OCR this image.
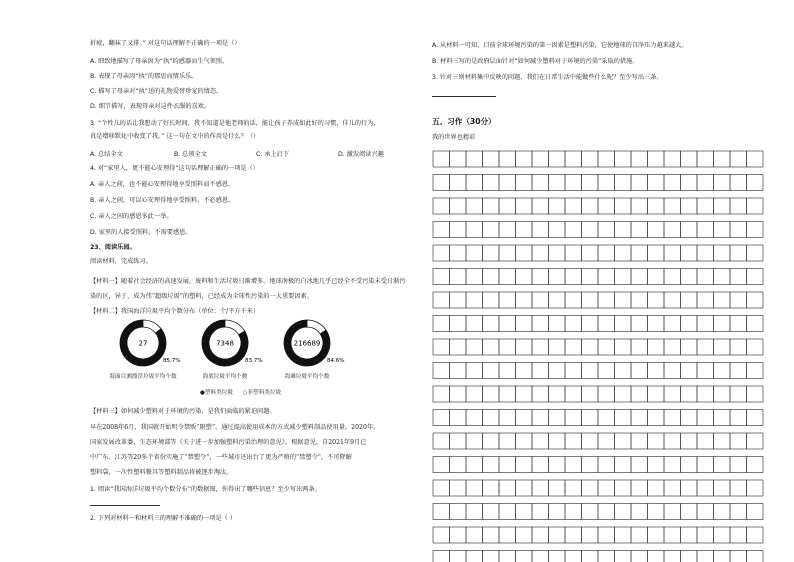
折疲，翻袜了又排。” 对这句话理解不正确的一项是（）
A. 细致地描写了母亲因为“执”的感器而生气领照。
B. 表现了母亲因“执”的那思而情乐乐。
C. 描写了母亲对“执”送的礼物爱替珍宠的情态。
D. 细节描写，表现母亲对这件衣服的喜欢。
3. “个性儿的话让我想动了好长时间，我不知道是他老师的话，能让孩子养成如此好的习惯，佳儿的行为，
真是增移默化中收变了我。” 这一句在文中的作用是什么？（）
A. 总结全文	B. 总领全文	C. 承上启下	D. 激发阅读兴趣
4. 对“家里人，更不能心安理得”这句话理解正确的一项是（）
A. 亲人之间，也不能心安理得地享受照料而不感恩。
B. 亲人之间，可以心安理得地享受照料，不必感恩。
C. 亲人之间的感恩多此一举。
D. 家里的人接受照料，不需要感恩。
23、阅读乐园。
阅读材料，完成练习。
【材料一】随着社会经济的高速发展，废料和生活垃圾日渐增多。地球南极的白冰地几乎已经全不受污染未受日渐污
染的区，异于，成为伟“超级垃圾”的塑料，已经成为全球性污染的一大重要因素。
【材料二】我国海洋垃圾平均个数分布（单位：个/平方千米）
27
85.7%
海面目测漂浮垃圾平均个数
7348
83.7%
海底垃圾平均个数
216689
84.6%
海滩垃圾平均个数
●塑料类垃圾 ○非塑料类垃圾
【材料三】如何减少塑料对于环境的污染，是我们面临的紧迫问题。
早在2008年6月，我国就开始明令禁贩“限塑”，通过提高使用成本的方式减少塑料制品使用量。2020年，
国家发展改革委、生态环境部等《关于进一步加强塑料污染治理的意见》。根据意见，自2021年9月已
中广东、江苏等20多个省份实施了“禁塑令”，一些城市还出台了更为严格的“禁塑令”，不可降解
塑料袋、一次性塑料餐具等塑料制品将被逐步淘汰。
1. 阅读“我国海洋垃圾平均个数分布”的数据图，你得出了哪些信息？至少写出两条。
2. 下列对材料一和材料三的理解不准确的一项是（ ）
A. 从材料一可知，目前全球环境污染的第一因素是塑料污染，它使地球的自净压力越来越大。
B. 材料三写的是政府层面针对“如何减少塑料对于环境的污染”采取的措施。
3. 针对三则材料集中反映的问题，我们在日常生活中能做些什么呢？至少写出三条。
五、习作（30分）
我的世界也精彩
